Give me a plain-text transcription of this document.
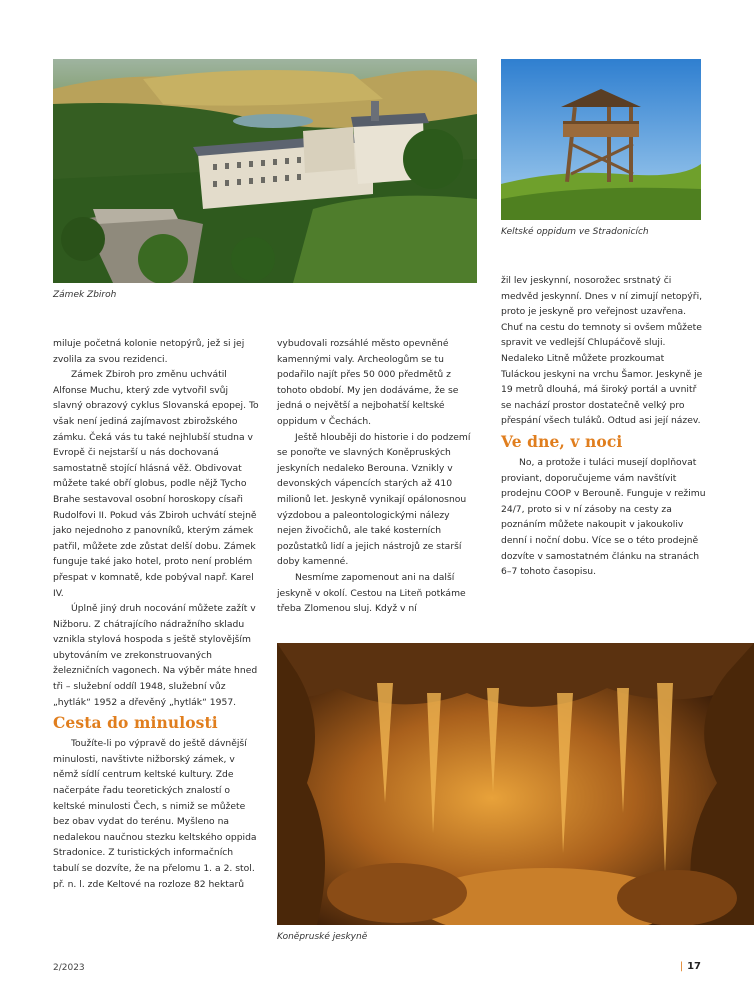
Zámek Zbiroh
Keltské oppidum ve Stradonicích

miluje početná kolonie netopýrů, jež si jej zvolila za svou rezidenci.

Zámek Zbiroh pro změnu uchvátil Alfonse Muchu, který zde vytvořil svůj slavný obrazový cyklus Slovanská epopej. To však není jediná zajímavost zbirožského zámku. Čeká vás tu také nejhlubší studna v Evropě či nejstarší u nás dochovaná samostatně stojící hlásná věž. Obdivovat můžete také obří globus, podle nějž Tycho Brahe sestavoval osobní horoskopy císaři Rudolfovi II. Pokud vás Zbiroh uchvátí stejně jako nejednoho z panovníků, kterým zámek patřil, můžete zde zůstat delší dobu. Zámek funguje také jako hotel, proto není problém přespat v komnatě, kde pobýval např. Karel IV.

Úplně jiný druh nocování můžete zažít v Nižboru. Z chátrajícího nádražního skladu vznikla stylová hospoda s ještě stylovějším ubytováním ve zrekonstruovaných železničních vagonech. Na výběr máte hned tři – služební oddíl 1948, služební vůz „hytlák“ 1952 a dřevěný „hytlák“ 1957.

Cesta do minulosti

Toužíte-li po výpravě do ještě dávnější minulosti, navštivte nižborský zámek, v němž sídlí centrum keltské kultury. Zde načerpáte řadu teoretických znalostí o keltské minulosti Čech, s nimiž se můžete bez obav vydat do terénu. Myšleno na nedalekou naučnou stezku keltského oppida Stradonice. Z turistických informačních tabulí se dozvíte, že na přelomu 1. a 2. stol. př. n. l. zde Keltové na rozloze 82 hektarů

vybudovali rozsáhlé město opevněné kamennými valy. Archeologům se tu podařilo najít přes 50 000 předmětů z tohoto období. My jen dodáváme, že se jedná o největší a nejbohatší keltské oppidum v Čechách.

Ještě hlouběji do historie i do podzemí se ponořte ve slavných Koněpruských jeskyních nedaleko Berouna. Vznikly v devonských vápencích starých až 410 milionů let. Jeskyně vynikají opálonosnou výzdobou a paleontologickými nálezy nejen živočichů, ale také kosterních pozůstatků lidí a jejich nástrojů ze starší doby kamenné.

Nesmíme zapomenout ani na další jeskyně v okolí. Cestou na Liteň potkáme třeba Zlomenou sluj. Když v ní

žil lev jeskynní, nosorožec srstnatý či medvěd jeskynní. Dnes v ní zimují netopýři, proto je jeskyně pro veřejnost uzavřena. Chuť na cestu do temnoty si ovšem můžete spravit ve vedlejší Chlupáčově sluji. Nedaleko Litně můžete prozkoumat Tuláckou jeskyni na vrchu Šamor. Jeskyně je 19 metrů dlouhá, má široký portál a uvnitř se nachází prostor dostatečně velký pro přespání všech tuláků. Odtud asi její název.

Ve dne, v noci

No, a protože i tuláci musejí doplňovat proviant, doporučujeme vám navštívit prodejnu COOP v Berouně. Funguje v režimu 24/7, proto si v ní zásoby na cesty za poznáním můžete nakoupit v jakoukoliv denní i noční dobu. Více se o této prodejně dozvíte v samostatném článku na stranách 6–7 tohoto časopisu.

Koněpruské jeskyně
2/2023	| 17
